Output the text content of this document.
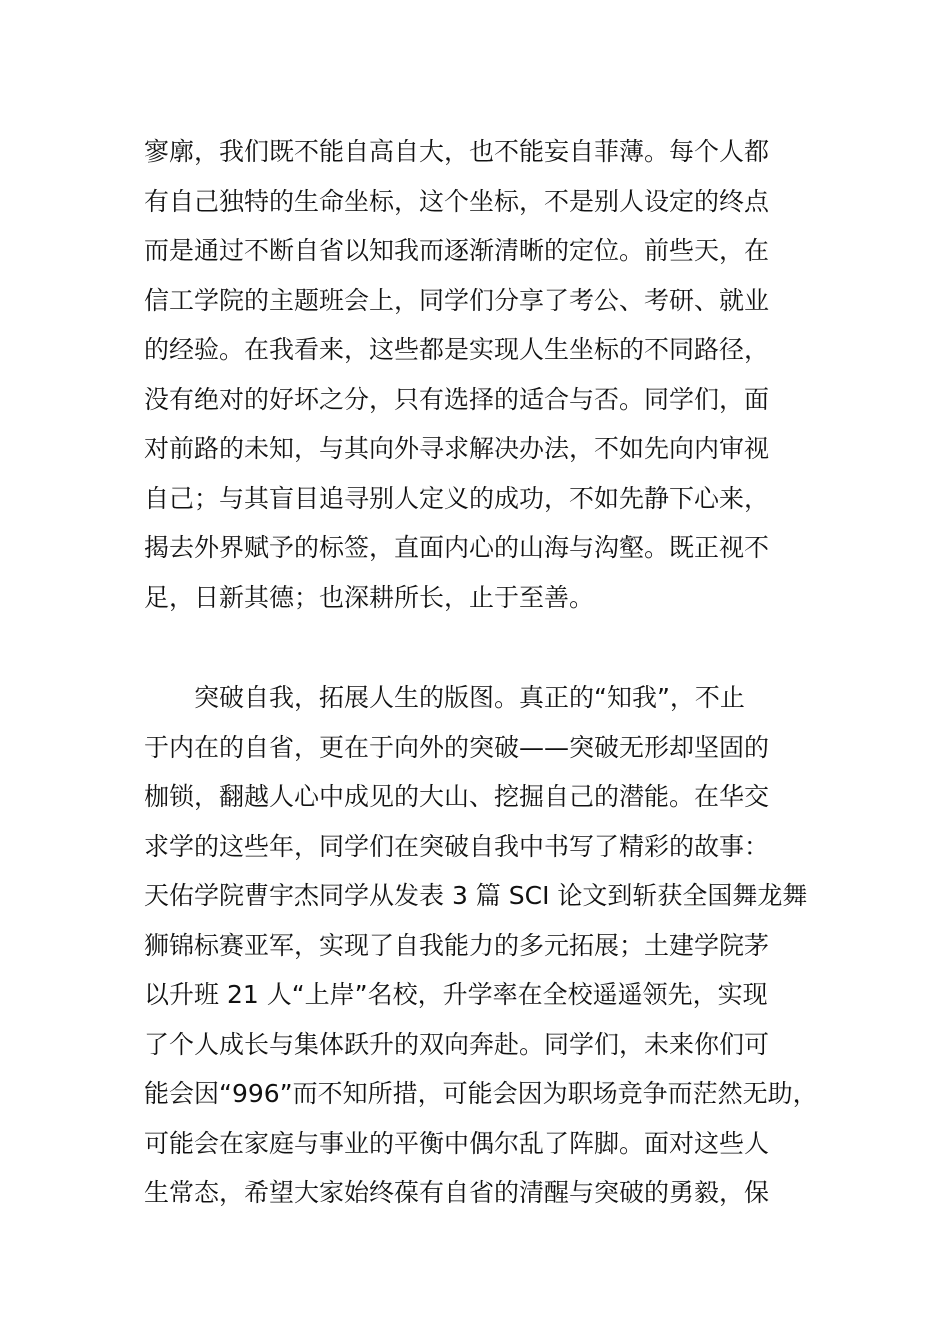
寥廓，我们既不能自高自大，也不能妄自菲薄。每个人都
有自己独特的生命坐标，这个坐标，不是别人设定的终点
而是通过不断自省以知我而逐渐清晰的定位。前些天，在
信工学院的主题班会上，同学们分享了考公、考研、就业
的经验。在我看来，这些都是实现人生坐标的不同路径，
没有绝对的好坏之分，只有选择的适合与否。同学们，面
对前路的未知，与其向外寻求解决办法，不如先向内审视
自己；与其盲目追寻别人定义的成功，不如先静下心来，
揭去外界赋予的标签，直面内心的山海与沟壑。既正视不
足，日新其德；也深耕所长，止于至善。
　　突破自我，拓展人生的版图。真正的“知我”，不止
于内在的自省，更在于向外的突破——突破无形却坚固的
枷锁，翻越人心中成见的大山、挖掘自己的潜能。在华交
求学的这些年，同学们在突破自我中书写了精彩的故事：
天佑学院曹宇杰同学从发表 3 篇 SCI 论文到斩获全国舞龙舞
狮锦标赛亚军，实现了自我能力的多元拓展；土建学院茅
以升班 21 人“上岸”名校，升学率在全校遥遥领先，实现
了个人成长与集体跃升的双向奔赴。同学们，未来你们可
能会因“996”而不知所措，可能会因为职场竞争而茫然无助，
可能会在家庭与事业的平衡中偶尔乱了阵脚。面对这些人
生常态，希望大家始终葆有自省的清醒与突破的勇毅，保
